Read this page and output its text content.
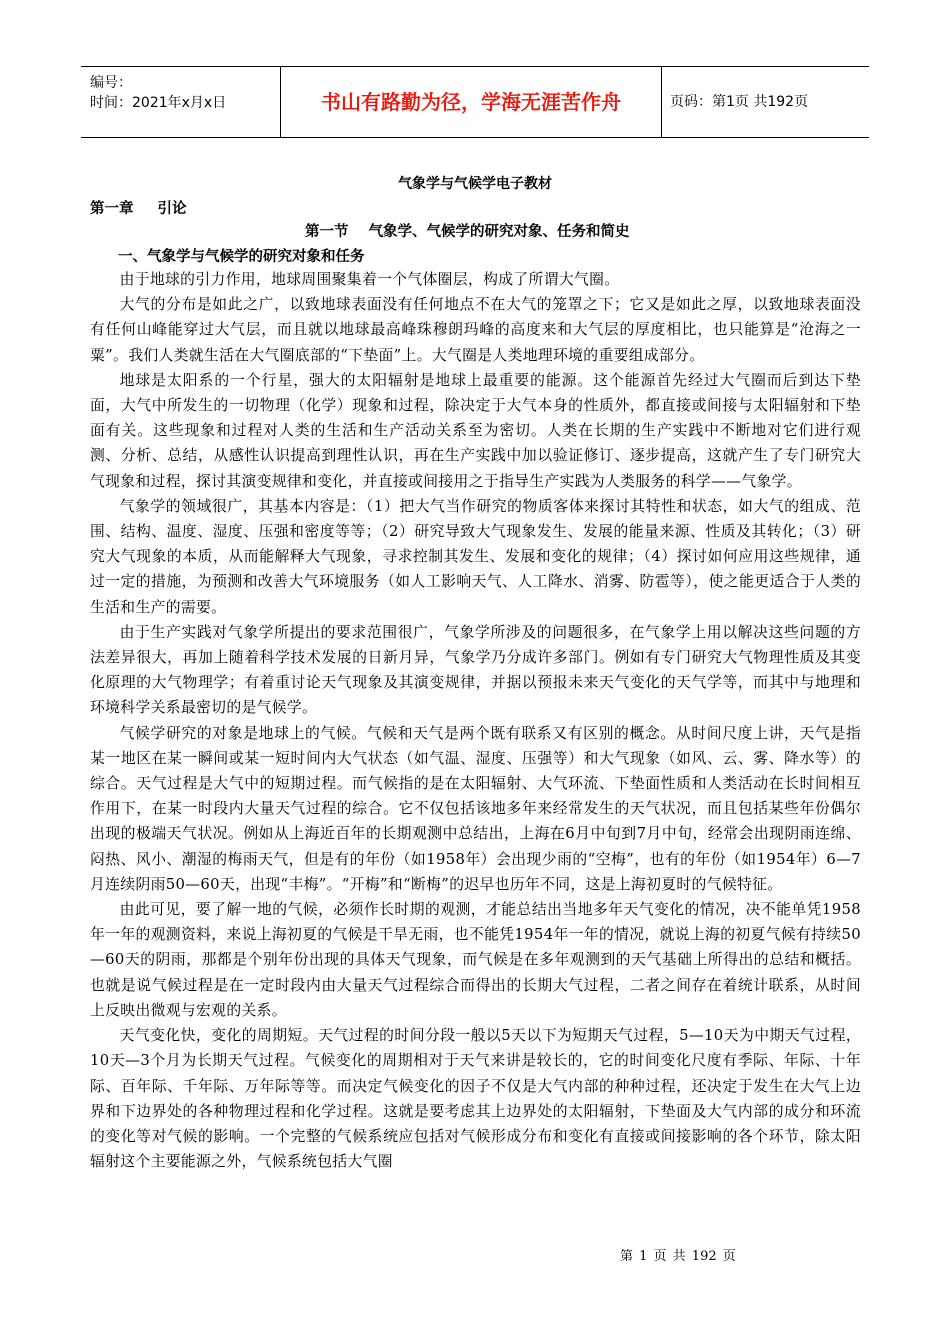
编号：
时间：2021年x月x日	书山有路勤为径，学海无涯苦作舟	页码：第1页 共192页
气象学与气候学电子教材
第一章 引论
第一节 气象学、气候学的研究对象、任务和简史
一、气象学与气候学的研究对象和任务

由于地球的引力作用，地球周围聚集着一个气体圈层，构成了所谓大气圈。

大气的分布是如此之广，以致地球表面没有任何地点不在大气的笼罩之下；它又是如此之厚，以致地球表面没有任何山峰能穿过大气层，而且就以地球最高峰珠穆朗玛峰的高度来和大气层的厚度相比，也只能算是“沧海之一粟”。我们人类就生活在大气圈底部的“下垫面”上。大气圈是人类地理环境的重要组成部分。

地球是太阳系的一个行星，强大的太阳辐射是地球上最重要的能源。这个能源首先经过大气圈而后到达下垫面，大气中所发生的一切物理（化学）现象和过程，除决定于大气本身的性质外，都直接或间接与太阳辐射和下垫面有关。这些现象和过程对人类的生活和生产活动关系至为密切。人类在长期的生产实践中不断地对它们进行观测、分析、总结，从感性认识提高到理性认识，再在生产实践中加以验证修订、逐步提高，这就产生了专门研究大气现象和过程，探讨其演变规律和变化，并直接或间接用之于指导生产实践为人类服务的科学——气象学。

气象学的领域很广，其基本内容是：（1）把大气当作研究的物质客体来探讨其特性和状态，如大气的组成、范围、结构、温度、湿度、压强和密度等等；（2）研究导致大气现象发生、发展的能量来源、性质及其转化；（3）研究大气现象的本质，从而能解释大气现象，寻求控制其发生、发展和变化的规律；（4）探讨如何应用这些规律，通过一定的措施，为预测和改善大气环境服务（如人工影响天气、人工降水、消雾、防雹等），使之能更适合于人类的生活和生产的需要。

由于生产实践对气象学所提出的要求范围很广，气象学所涉及的问题很多，在气象学上用以解决这些问题的方法差异很大，再加上随着科学技术发展的日新月异，气象学乃分成许多部门。例如有专门研究大气物理性质及其变化原理的大气物理学；有着重讨论天气现象及其演变规律，并据以预报未来天气变化的天气学等，而其中与地理和环境科学关系最密切的是气候学。

气候学研究的对象是地球上的气候。气候和天气是两个既有联系又有区别的概念。从时间尺度上讲，天气是指某一地区在某一瞬间或某一短时间内大气状态（如气温、湿度、压强等）和大气现象（如风、云、雾、降水等）的综合。天气过程是大气中的短期过程。而气候指的是在太阳辐射、大气环流、下垫面性质和人类活动在长时间相互作用下，在某一时段内大量天气过程的综合。它不仅包括该地多年来经常发生的天气状况，而且包括某些年份偶尔出现的极端天气状况。例如从上海近百年的长期观测中总结出，上海在6月中旬到7月中旬，经常会出现阴雨连绵、闷热、风小、潮湿的梅雨天气，但是有的年份（如1958年）会出现少雨的“空梅”，也有的年份（如1954年）6—7月连续阴雨50—60天，出现“丰梅”。“开梅”和“断梅”的迟早也历年不同，这是上海初夏时的气候特征。

由此可见，要了解一地的气候，必须作长时期的观测，才能总结出当地多年天气变化的情况，决不能单凭1958年一年的观测资料，来说上海初夏的气候是干旱无雨，也不能凭1954年一年的情况，就说上海的初夏气候有持续50—60天的阴雨，那都是个别年份出现的具体天气现象，而气候是在多年观测到的天气基础上所得出的总结和概括。也就是说气候过程是在一定时段内由大量天气过程综合而得出的长期大气过程，二者之间存在着统计联系，从时间上反映出微观与宏观的关系。

天气变化快，变化的周期短。天气过程的时间分段一般以5天以下为短期天气过程，5—10天为中期天气过程，10天—3个月为长期天气过程。气候变化的周期相对于天气来讲是较长的，它的时间变化尺度有季际、年际、十年际、百年际、千年际、万年际等等。而决定气候变化的因子不仅是大气内部的种种过程，还决定于发生在大气上边界和下边界处的各种物理过程和化学过程。这就是要考虑其上边界处的太阳辐射，下垫面及大气内部的成分和环流的变化等对气候的影响。一个完整的气候系统应包括对气候形成分布和变化有直接或间接影响的各个环节，除太阳辐射这个主要能源之外，气候系统包括大气圈

第 1 页 共 192 页
